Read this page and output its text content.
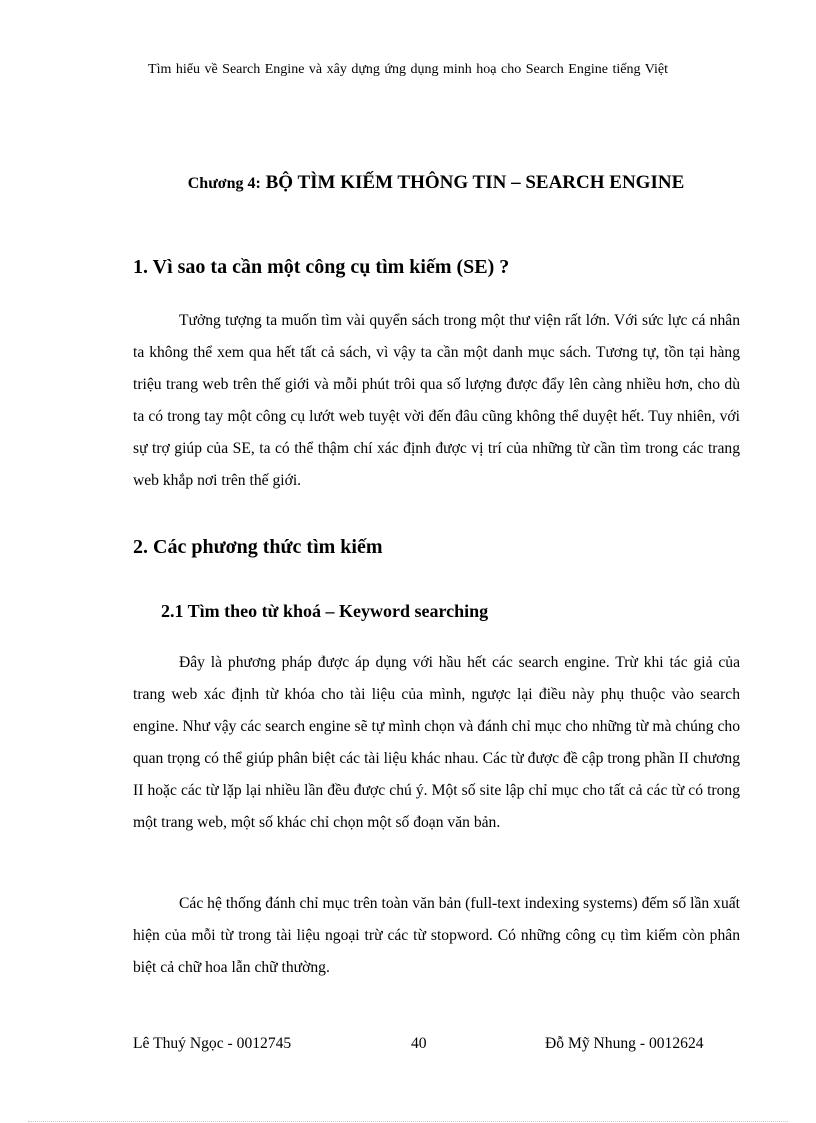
Tìm hiểu về Search Engine và xây dựng ứng dụng minh hoạ cho Search Engine tiếng Việt
Chương 4: BỘ TÌM KIẾM THÔNG TIN – SEARCH ENGINE
1. Vì sao ta cần một công cụ tìm kiếm (SE) ?

Tưởng tượng ta muốn tìm vài quyển sách trong một thư viện rất lớn. Với sức lực cá nhân ta không thể xem qua hết tất cả sách, vì vậy ta cần một danh mục sách. Tương tự, tồn tại hàng triệu trang web trên thế giới và mỗi phút trôi qua số lượng được đẩy lên càng nhiều hơn, cho dù ta có trong tay một công cụ lướt web tuyệt vời đến đâu cũng không thể duyệt hết. Tuy nhiên, với sự trợ giúp của SE, ta có thể thậm chí xác định được vị trí của những từ cần tìm trong các trang web khắp nơi trên thế giới.

2. Các phương thức tìm kiếm
2.1 Tìm theo từ khoá – Keyword searching

Đây là phương pháp được áp dụng với hầu hết các search engine. Trừ khi tác giả của trang web xác định từ khóa cho tài liệu của mình, ngược lại điều này phụ thuộc vào search engine. Như vậy các search engine sẽ tự mình chọn và đánh chỉ mục cho những từ mà chúng cho quan trọng có thể giúp phân biệt các tài liệu khác nhau. Các từ được đề cập trong phần II chương II hoặc các từ lặp lại nhiều lần đều được chú ý. Một số site lập chỉ mục cho tất cả các từ có trong một trang web, một số khác chỉ chọn một số đoạn văn bản.

Các hệ thống đánh chỉ mục trên toàn văn bản (full-text indexing systems) đếm số lần xuất hiện của mỗi từ trong tài liệu ngoại trừ các từ stopword. Có những công cụ tìm kiếm còn phân biệt cả chữ hoa lẫn chữ thường.

Lê Thuý Ngọc - 0012745	40	Đỗ Mỹ Nhung - 0012624
